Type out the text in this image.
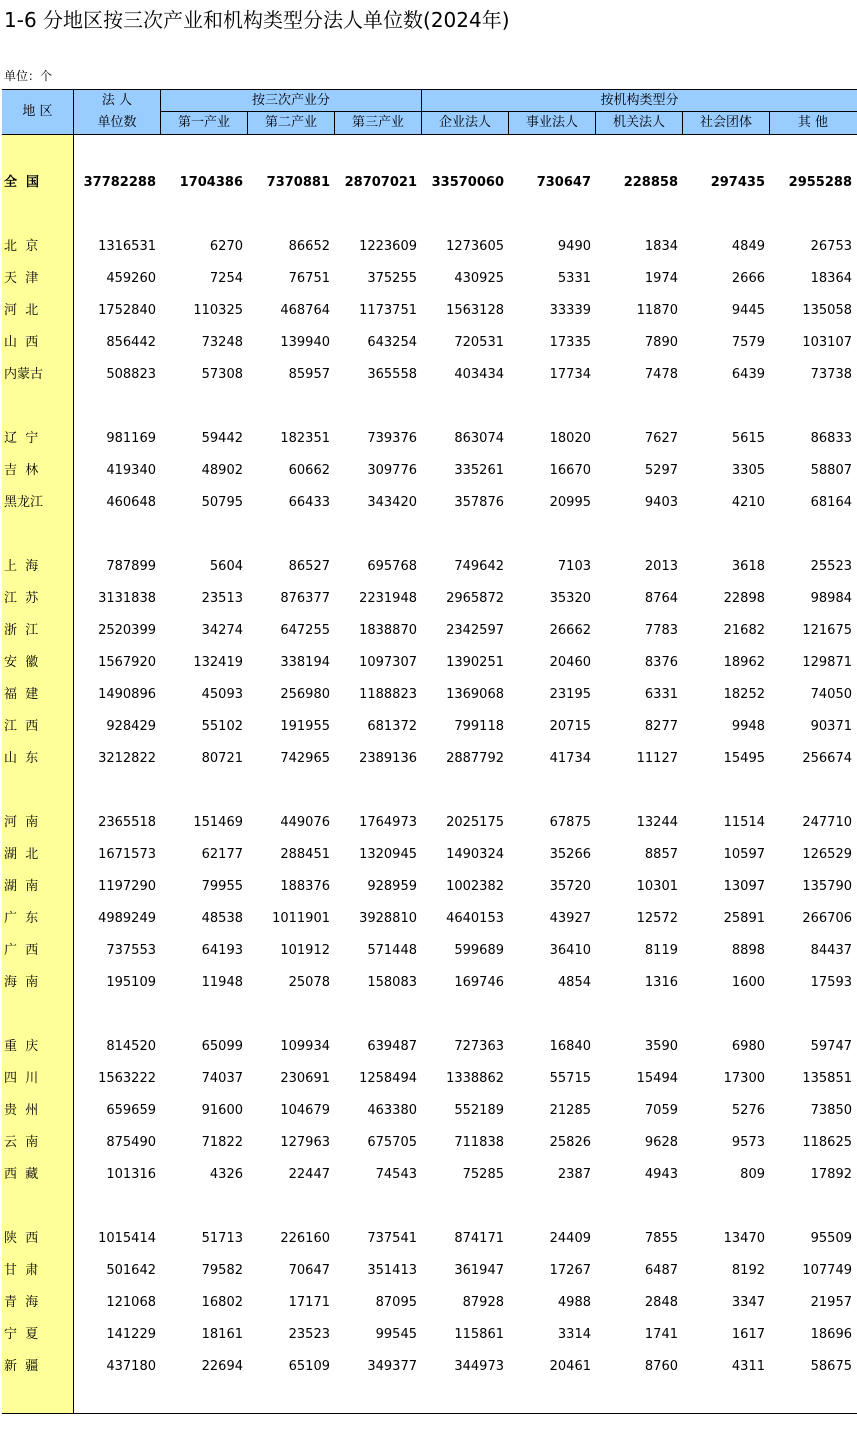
1-6 分地区按三次产业和机构类型分法人单位数(2024年)
单位：个
地 区
法 人
单位数
按三次产业分	按机构类型分
第一产业	第二产业	第三产业	企业法人	事业法人	机关法人	社会团体	其 他
全  国	37782288	1704386	7370881	28707021	33570060	730647	228858	297435	2955288
北  京	1316531	6270	86652	1223609	1273605	9490	1834	4849	26753
天  津	459260	7254	76751	375255	430925	5331	1974	2666	18364
河  北	1752840	110325	468764	1173751	1563128	33339	11870	9445	135058
山  西	856442	73248	139940	643254	720531	17335	7890	7579	103107
内蒙古	508823	57308	85957	365558	403434	17734	7478	6439	73738
辽  宁	981169	59442	182351	739376	863074	18020	7627	5615	86833
吉  林	419340	48902	60662	309776	335261	16670	5297	3305	58807
黑龙江	460648	50795	66433	343420	357876	20995	9403	4210	68164
上  海	787899	5604	86527	695768	749642	7103	2013	3618	25523
江  苏	3131838	23513	876377	2231948	2965872	35320	8764	22898	98984
浙  江	2520399	34274	647255	1838870	2342597	26662	7783	21682	121675
安  徽	1567920	132419	338194	1097307	1390251	20460	8376	18962	129871
福  建	1490896	45093	256980	1188823	1369068	23195	6331	18252	74050
江  西	928429	55102	191955	681372	799118	20715	8277	9948	90371
山  东	3212822	80721	742965	2389136	2887792	41734	11127	15495	256674
河  南	2365518	151469	449076	1764973	2025175	67875	13244	11514	247710
湖  北	1671573	62177	288451	1320945	1490324	35266	8857	10597	126529
湖  南	1197290	79955	188376	928959	1002382	35720	10301	13097	135790
广  东	4989249	48538	1011901	3928810	4640153	43927	12572	25891	266706
广  西	737553	64193	101912	571448	599689	36410	8119	8898	84437
海  南	195109	11948	25078	158083	169746	4854	1316	1600	17593
重  庆	814520	65099	109934	639487	727363	16840	3590	6980	59747
四  川	1563222	74037	230691	1258494	1338862	55715	15494	17300	135851
贵  州	659659	91600	104679	463380	552189	21285	7059	5276	73850
云  南	875490	71822	127963	675705	711838	25826	9628	9573	118625
西  藏	101316	4326	22447	74543	75285	2387	4943	809	17892
陕  西	1015414	51713	226160	737541	874171	24409	7855	13470	95509
甘  肃	501642	79582	70647	351413	361947	17267	6487	8192	107749
青  海	121068	16802	17171	87095	87928	4988	2848	3347	21957
宁  夏	141229	18161	23523	99545	115861	3314	1741	1617	18696
新  疆	437180	22694	65109	349377	344973	20461	8760	4311	58675
